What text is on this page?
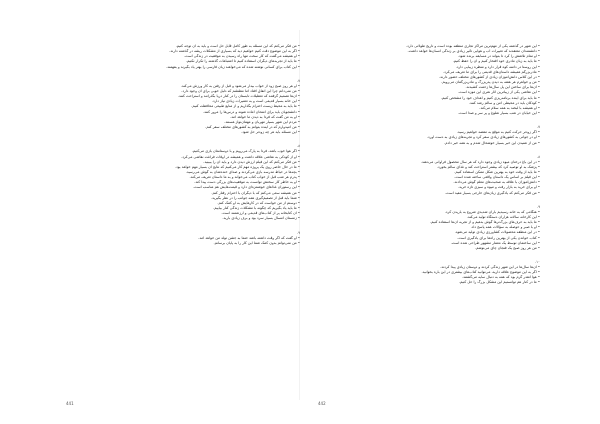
• من فکر می‌کنم که این مسئله به طور کامل قابل حل است و باید به آن توجه کنیم.
• اگر به این موضوع دقت کنیم خواهیم دید که بسیاری از مشکلات ریشه در گذشته دارند.
• او همیشه می‌گفت که کار سخت تنها راه رسیدن به موفقیت در زندگی است.
• ما باید از تجربه‌های دیگران استفاده کنیم تا اشتباهات گذشته را تکرار نکنیم.
• این کتاب برای کسانی نوشته شده که می‌خواهند زبان فارسی را بهتر یاد بگیرند و بفهمند.
۷.
• او هر روز صبح زود از خواب بیدار می‌شود و قبل از رفتن به کار ورزش می‌کند.
• من نمی‌دانم چرا این اتفاق افتاد اما مطمئنم که دلیل خوبی برای آن وجود دارد.
• آن‌ها تصمیم گرفتند که تعطیلات تابستان را در کنار دریا بگذرانند و استراحت کنند.
• این خانه بسیار قدیمی است و به تعمیرات زیادی نیاز دارد.
• ما باید به محیط زیست احترام بگذاریم و از منابع طبیعی محافظت کنیم.
• دانشجویان باید برای امتحان آماده شوند و درس‌ها را مرور کنند.
• او به من گفت که فردا به دیدن ما خواهد آمد.
• مردم این شهر بسیار مهربان و مهمان‌نواز هستند.
• من امیدوارم که در آینده بتوانم به کشورهای مختلف سفر کنم.
• این مسئله باید هر چه زودتر حل شود.
۸.
• اگر هوا خوب باشد، فردا به پارک می‌رویم و با دوستانمان بازی می‌کنیم.
• او از کودکی به نقاشی علاقه داشت و همیشه در اوقات فراغت نقاشی می‌کرد.
• من فکر می‌کنم که این فیلم ارزش دیدن دارد و باید آن را ببینید.
• ما در حال حاضر روی یک پروژه مهم کار می‌کنیم که نتایج آن بسیار مهم خواهد بود.
• بچه‌ها در حیاط مدرسه بازی می‌کردند و صدای خنده‌شان به گوش می‌رسید.
• پدرم هر شب قبل از خواب کتاب می‌خواند و به ما داستان تعریف می‌کند.
• او به خاطر کار سختش توانست به موفقیت‌های بزرگی دست پیدا کند.
• این رستوران غذاهای خوشمزه‌ای دارد و قیمت‌هایش هم مناسب است.
• من همیشه سعی می‌کنم که با دیگران با احترام رفتار کنم.
• شما باید قبل از تصمیم‌گیری همه جوانب را در نظر بگیرید.
• دوستم از من خواست که در کارهایش به او کمک کنم.
• ما باید یاد بگیریم که چگونه با مشکلات زندگی کنار بیاییم.
• آن کتابخانه پر از کتاب‌های قدیمی و ارزشمند است.
• زمستان امسال بسیار سرد بود و برف زیادی بارید.
۹.
• او گفت که اگر وقت داشته باشد حتماً به جشن تولد من خواهد آمد.
• من نمی‌توانم بدون کمک شما این کار را به پایان برسانم.
• این شهر در گذشته یکی از مهم‌ترین مراکز تجاری منطقه بوده است و تاریخ طولانی دارد.
• دانشمندان معتقدند که تغییرات آب و هوایی تأثیر زیادی بر زندگی انسان‌ها خواهد داشت.
• او تمام تلاشش را کرد تا بتواند در مسابقه برنده شود.
• ما باید به زبان مادری خود افتخار کنیم و آن را حفظ کنیم.
• این روستا در دامنه کوه قرار دارد و منظره زیبایی دارد.
• مادربزرگم همیشه داستان‌های قدیمی را برای ما تعریف می‌کرد.
• در این کلاس دانش‌آموزان زیادی از کشورهای مختلف حضور دارند.
• من و خواهرم هر هفته به دیدن پدربزرگ و مادربزرگمان می‌رویم.
• آن‌ها برای ساختن این پل سال‌ها زحمت کشیدند.
• این نقاشی یکی از زیباترین آثار هنری این موزه است.
• ما باید برای آینده برنامه‌ریزی کنیم و اهداف خود را مشخص کنیم.
• کودکان باید در محیطی امن و سالم رشد کنند.
• او همیشه با لبخند به همه سلام می‌کند.
• این خیابان در شب بسیار شلوغ و پر سر و صدا است.
۷.
• اگر زودتر حرکت کنیم به موقع به مقصد خواهیم رسید.
• او در جوانی به کشورهای زیادی سفر کرد و تجربه‌های زیادی به دست آورد.
• من از شنیدن این خبر بسیار خوشحال شدم و به همه خبر دادم.
۸.
• در این باغ درختان میوه زیادی وجود دارد که هر سال محصول فراوانی می‌دهند.
• پزشک به او توصیه کرد که بیشتر استراحت کند و غذای سالم بخورد.
• ما باید از وقت خود به بهترین شکل ممکن استفاده کنیم.
• این فیلم بر اساس یک داستان واقعی ساخته شده است.
• دانش‌آموزان با علاقه به صحبت‌های معلم گوش می‌دادند.
• او برای خرید به بازار رفت و میوه و سبزی تازه خرید.
• من فکر می‌کنم که یادگیری زبان‌های خارجی بسیار مفید است.
۹.
• هنگامی که به خانه رسیدیم باران شدیدی شروع به باریدن کرد.
• این کارخانه سالانه هزاران دستگاه تولید می‌کند.
• ما باید به حرف‌های بزرگ‌ترها گوش بدهیم و از تجربه آن‌ها استفاده کنیم.
• او با صبر و حوصله به سؤالات همه پاسخ داد.
• در این منطقه محصولات کشاورزی زیادی تولید می‌شود.
• کتاب خواندن یکی از بهترین راه‌ها برای یادگیری است.
• این ساختمان توسط یک معمار مشهور طراحی شده است.
• من هر روز صبح یک فنجان چای می‌نوشم.
۱۰.
• آن‌ها سال‌ها در این شهر زندگی کردند و دوستان زیادی پیدا کردند.
• اگر به این موضوع علاقه دارید، می‌توانید کتاب‌های بیشتری در این باره بخوانید.
• هوا آنقدر گرم بود که همه به دنبال سایه می‌گشتند.
• ما در کنار هم توانستیم این مشکل بزرگ را حل کنیم.
441	442
